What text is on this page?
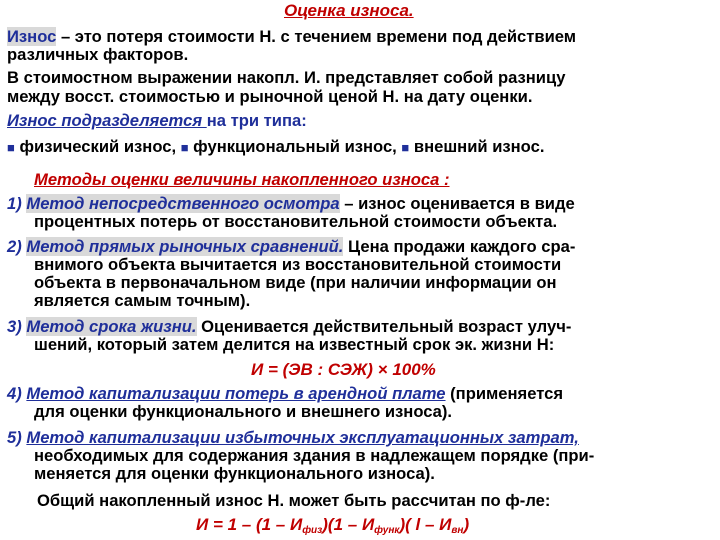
Оценка износа.
Износ – это потеря стоимости Н. с течением времени под действием
различных факторов.
В стоимостном выражении накопл. И. представляет собой разницу
между восст. стоимостью и рыночной ценой Н. на дату оценки.
Износ подразделяется на три типа:
■ физический износ, ■ функциональный износ, ■ внешний износ.
Методы оценки величины накопленного износа :
1) Метод непосредственного осмотра – износ оценивается в виде
процентных потерь от восстановительной стоимости объекта.
2) Метод прямых рыночных сравнений. Цена продажи каждого сра-
внимого объекта вычитается из восстановительной стоимости
объекта в первоначальном виде (при наличии информации он
является самым точным).
3) Метод срока жизни. Оценивается действительный возраст улуч-
шений, который затем делится на известный срок эк. жизни Н:
И = (ЭВ : СЭЖ) × 100%
4) Метод капитализации потерь в арендной плате (применяется
для оценки функционального и внешнего износа).
5) Метод капитализации избыточных эксплуатационных затрат,
необходимых для содержания здания в надлежащем порядке (при-
меняется для оценки функционального износа).
Общий накопленный износ Н. может быть рассчитан по ф-ле:
$И = 1 - (1 - И_{физ})(1 - И_{функ})$( l – $И_{вн}$)
